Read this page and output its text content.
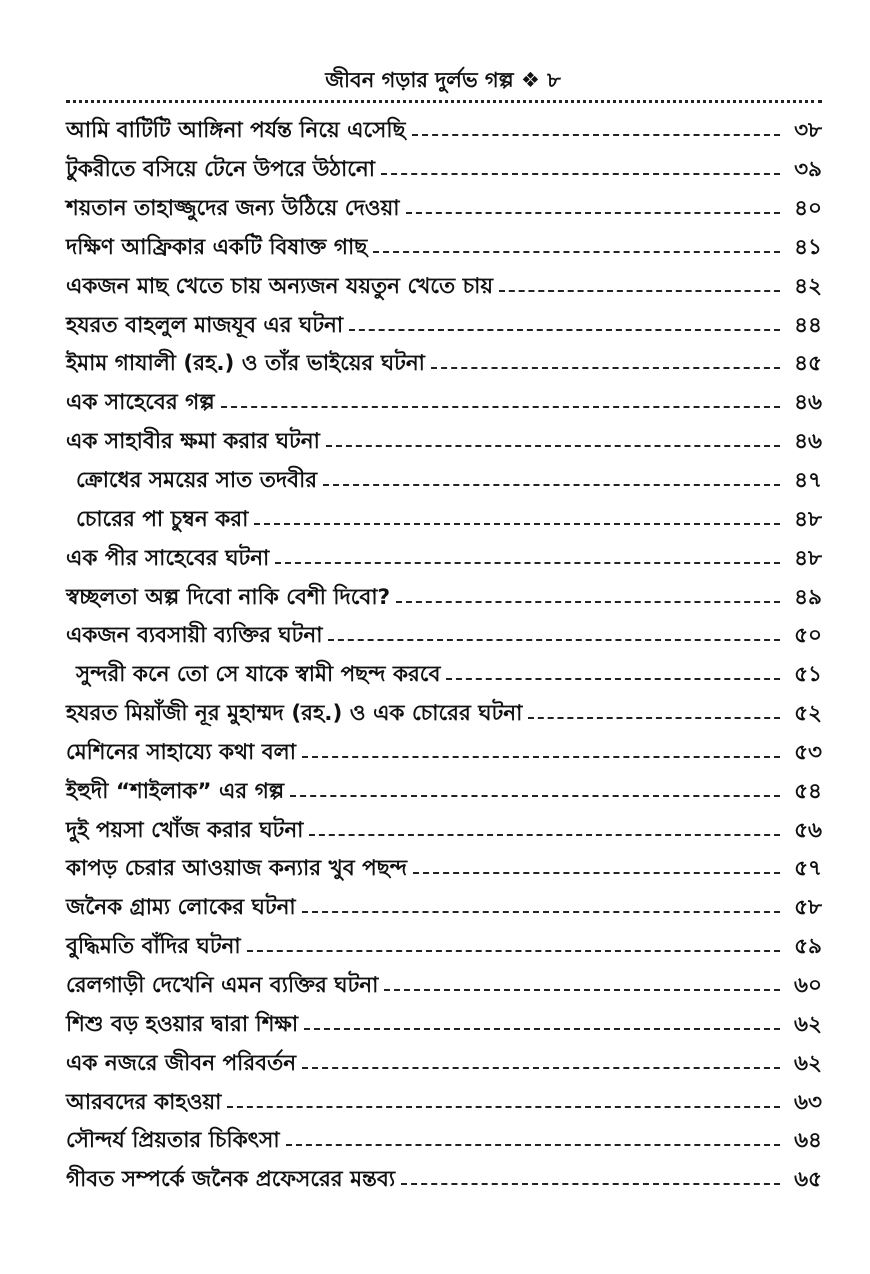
জীবন গড়ার দুর্লভ গল্প ❖ ৮
আমি বাটিটি আঙ্গিনা পর্যন্ত নিয়ে এসেছি	৩৮
টুকরীতে বসিয়ে টেনে উপরে উঠানো	৩৯
শয়তান তাহাজ্জুদের জন্য উঠিয়ে দেওয়া	৪০
দক্ষিণ আফ্রিকার একটি বিষাক্ত গাছ	৪১
একজন মাছ খেতে চায় অন্যজন যয়তুন খেতে চায়	৪২
হযরত বাহলুল মাজযূব এর ঘটনা	৪৪
ইমাম গাযালী (রহ.) ও তাঁর ভাইয়ের ঘটনা	৪৫
এক সাহেবের গল্প	৪৬
এক সাহাবীর ক্ষমা করার ঘটনা	৪৬
ক্রোধের সময়ের সাত তদবীর	৪৭
চোরের পা চুম্বন করা	৪৮
এক পীর সাহেবের ঘটনা	৪৮
স্বচ্ছলতা অল্প দিবো নাকি বেশী দিবো?	৪৯
একজন ব্যবসায়ী ব্যক্তির ঘটনা	৫০
সুন্দরী কনে তো সে যাকে স্বামী পছন্দ করবে	৫১
হযরত মিয়াঁজী নূর মুহাম্মদ (রহ.) ও এক চোরের ঘটনা	৫২
মেশিনের সাহায্যে কথা বলা	৫৩
ইহুদী “শাইলাক” এর গল্প	৫৪
দুই পয়সা খোঁজ করার ঘটনা	৫৬
কাপড় চেরার আওয়াজ কন্যার খুব পছন্দ	৫৭
জনৈক গ্রাম্য লোকের ঘটনা	৫৮
বুদ্ধিমতি বাঁদির ঘটনা	৫৯
রেলগাড়ী দেখেনি এমন ব্যক্তির ঘটনা	৬০
শিশু বড় হওয়ার দ্বারা শিক্ষা	৬২
এক নজরে জীবন পরিবর্তন	৬২
আরবদের কাহওয়া	৬৩
সৌন্দর্য প্রিয়তার চিকিৎসা	৬৪
গীবত সম্পর্কে জনৈক প্রফেসরের মন্তব্য	৬৫
